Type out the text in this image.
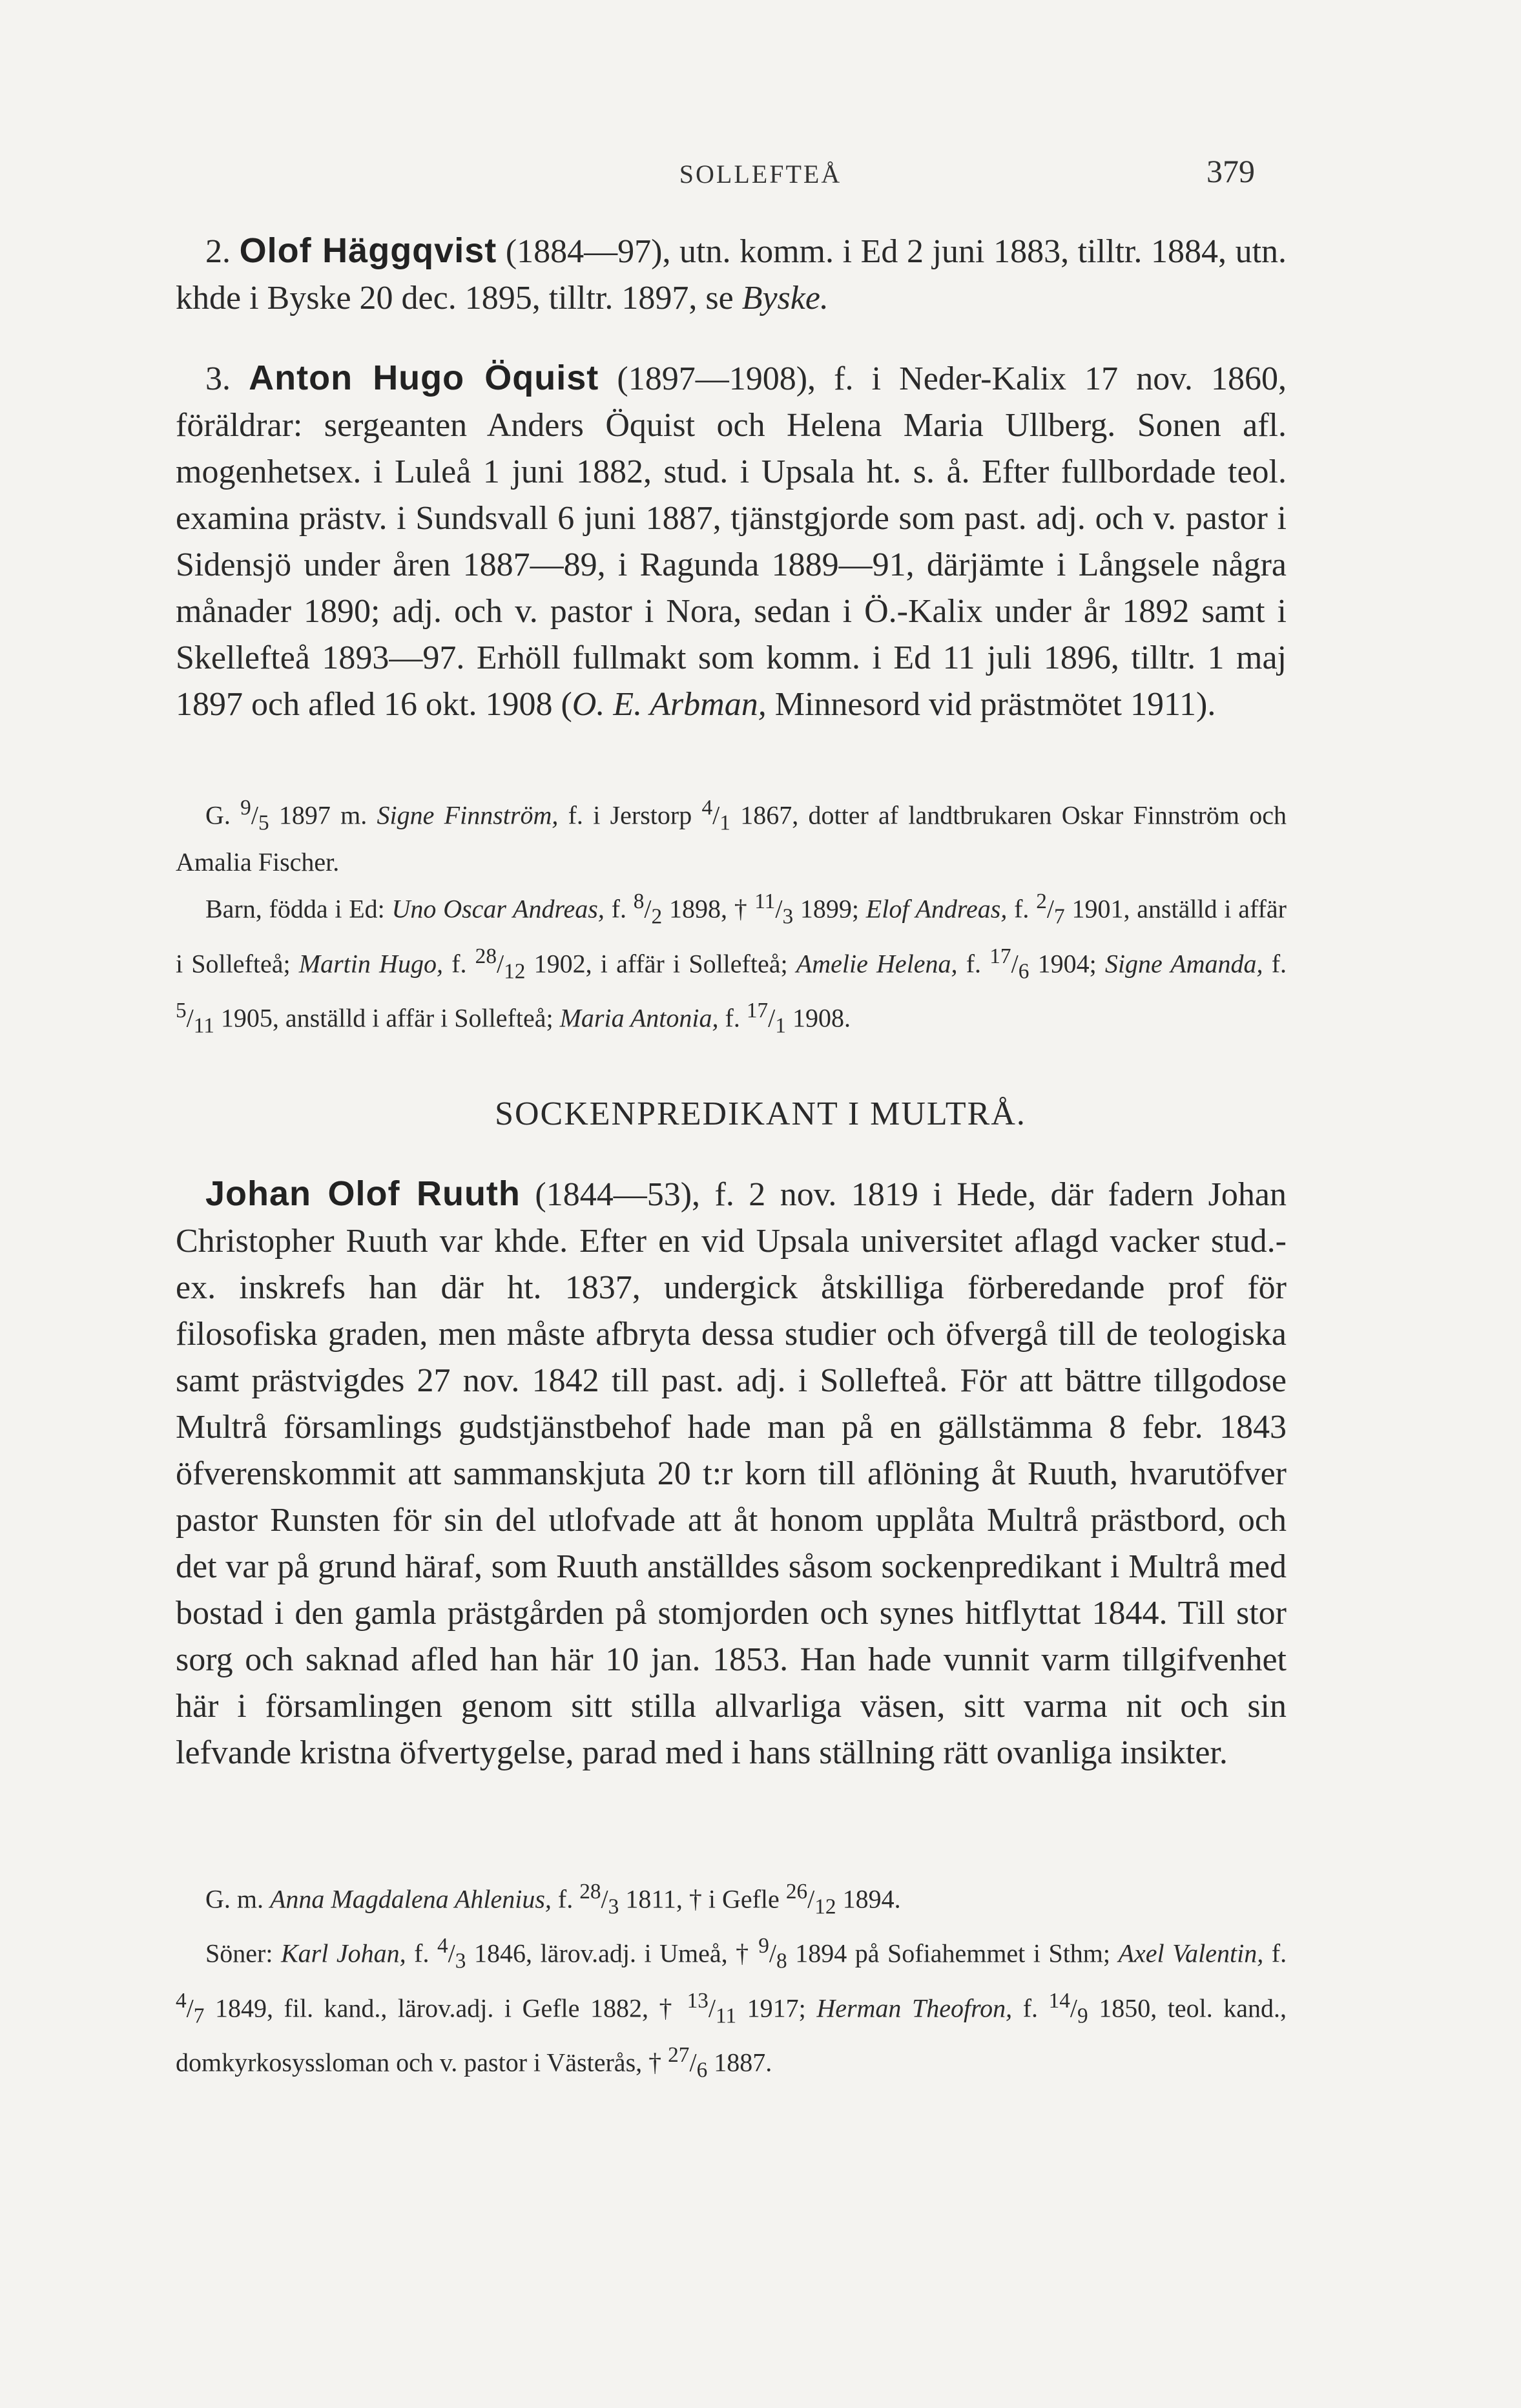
SOLLEFTEÅ	379

2. Olof Häggqvist (1884—97), utn. komm. i Ed 2 juni 1883, tilltr. 1884, utn. khde i Byske 20 dec. 1895, tilltr. 1897, se Byske.

3. Anton Hugo Öquist (1897—1908), f. i Neder-Kalix 17 nov. 1860, föräldrar: sergeanten Anders Öquist och Helena Maria Ullberg. Sonen afl. mogenhetsex. i Luleå 1 juni 1882, stud. i Upsala ht. s. å. Efter fullbordade teol. examina prästv. i Sundsvall 6 juni 1887, tjänstgjorde som past. adj. och v. pastor i Sidensjö under åren 1887—89, i Ragunda 1889—91, därjämte i Långsele några månader 1890; adj. och v. pastor i Nora, sedan i Ö.-Kalix under år 1892 samt i Skellefteå 1893—97. Erhöll fullmakt som komm. i Ed 11 juli 1896, tilltr. 1 maj 1897 och afled 16 okt. 1908 (O. E. Arbman, Minnesord vid prästmötet 1911).

G. $^9/_5$ 1897 m. Signe Finnström, f. i Jerstorp $^4/_1$ 1867, dotter af landtbrukaren Oskar Finnström och Amalia Fischer.

Barn, födda i Ed: Uno Oscar Andreas, f. $^8/_2$ 1898, † $^{11}/_3$ 1899; Elof Andreas, f. $^2/_7$ 1901, anställd i affär i Sollefteå; Martin Hugo, f. $^{28}/_{12}$ 1902, i affär i Sollefteå; Amelie Helena, f. $^{17}/_6$ 1904; Signe Amanda, f. $^5/_{11}$ 1905, anställd i affär i Sollefteå; Maria Antonia, f. $^{17}/_1$ 1908.

SOCKENPREDIKANT I MULTRÅ.

Johan Olof Ruuth (1844—53), f. 2 nov. 1819 i Hede, där fadern Johan Christopher Ruuth var khde. Efter en vid Upsala universitet aflagd vacker stud.-ex. inskrefs han där ht. 1837, undergick åtskilliga förberedande prof för filosofiska graden, men måste afbryta dessa studier och öfvergå till de teologiska samt prästvigdes 27 nov. 1842 till past. adj. i Sollefteå. För att bättre tillgodose Multrå församlings gudstjänstbehof hade man på en gällstämma 8 febr. 1843 öfverenskommit att sammanskjuta 20 t:r korn till aflöning åt Ruuth, hvarutöfver pastor Runsten för sin del utlofvade att åt honom upplåta Multrå prästbord, och det var på grund häraf, som Ruuth anställdes såsom sockenpredikant i Multrå med bostad i den gamla prästgården på stomjorden och synes hitflyttat 1844. Till stor sorg och saknad afled han här 10 jan. 1853. Han hade vunnit varm tillgifvenhet här i församlingen genom sitt stilla allvarliga väsen, sitt varma nit och sin lefvande kristna öfvertygelse, parad med i hans ställning rätt ovanliga insikter.

G. m. Anna Magdalena Ahlenius, f. $^{28}/_3$ 1811, † i Gefle $^{26}/_{12}$ 1894.

Söner: Karl Johan, f. $^4/_3$ 1846, lärov.adj. i Umeå, † $^9/_8$ 1894 på Sofiahemmet i Sthm; Axel Valentin, f. $^4/_7$ 1849, fil. kand., lärov.adj. i Gefle 1882, † $^{13}/_{11}$ 1917; Herman Theofron, f. $^{14}/_9$ 1850, teol. kand., domkyrkosyssloman och v. pastor i Västerås, † $^{27}/_6$ 1887.
